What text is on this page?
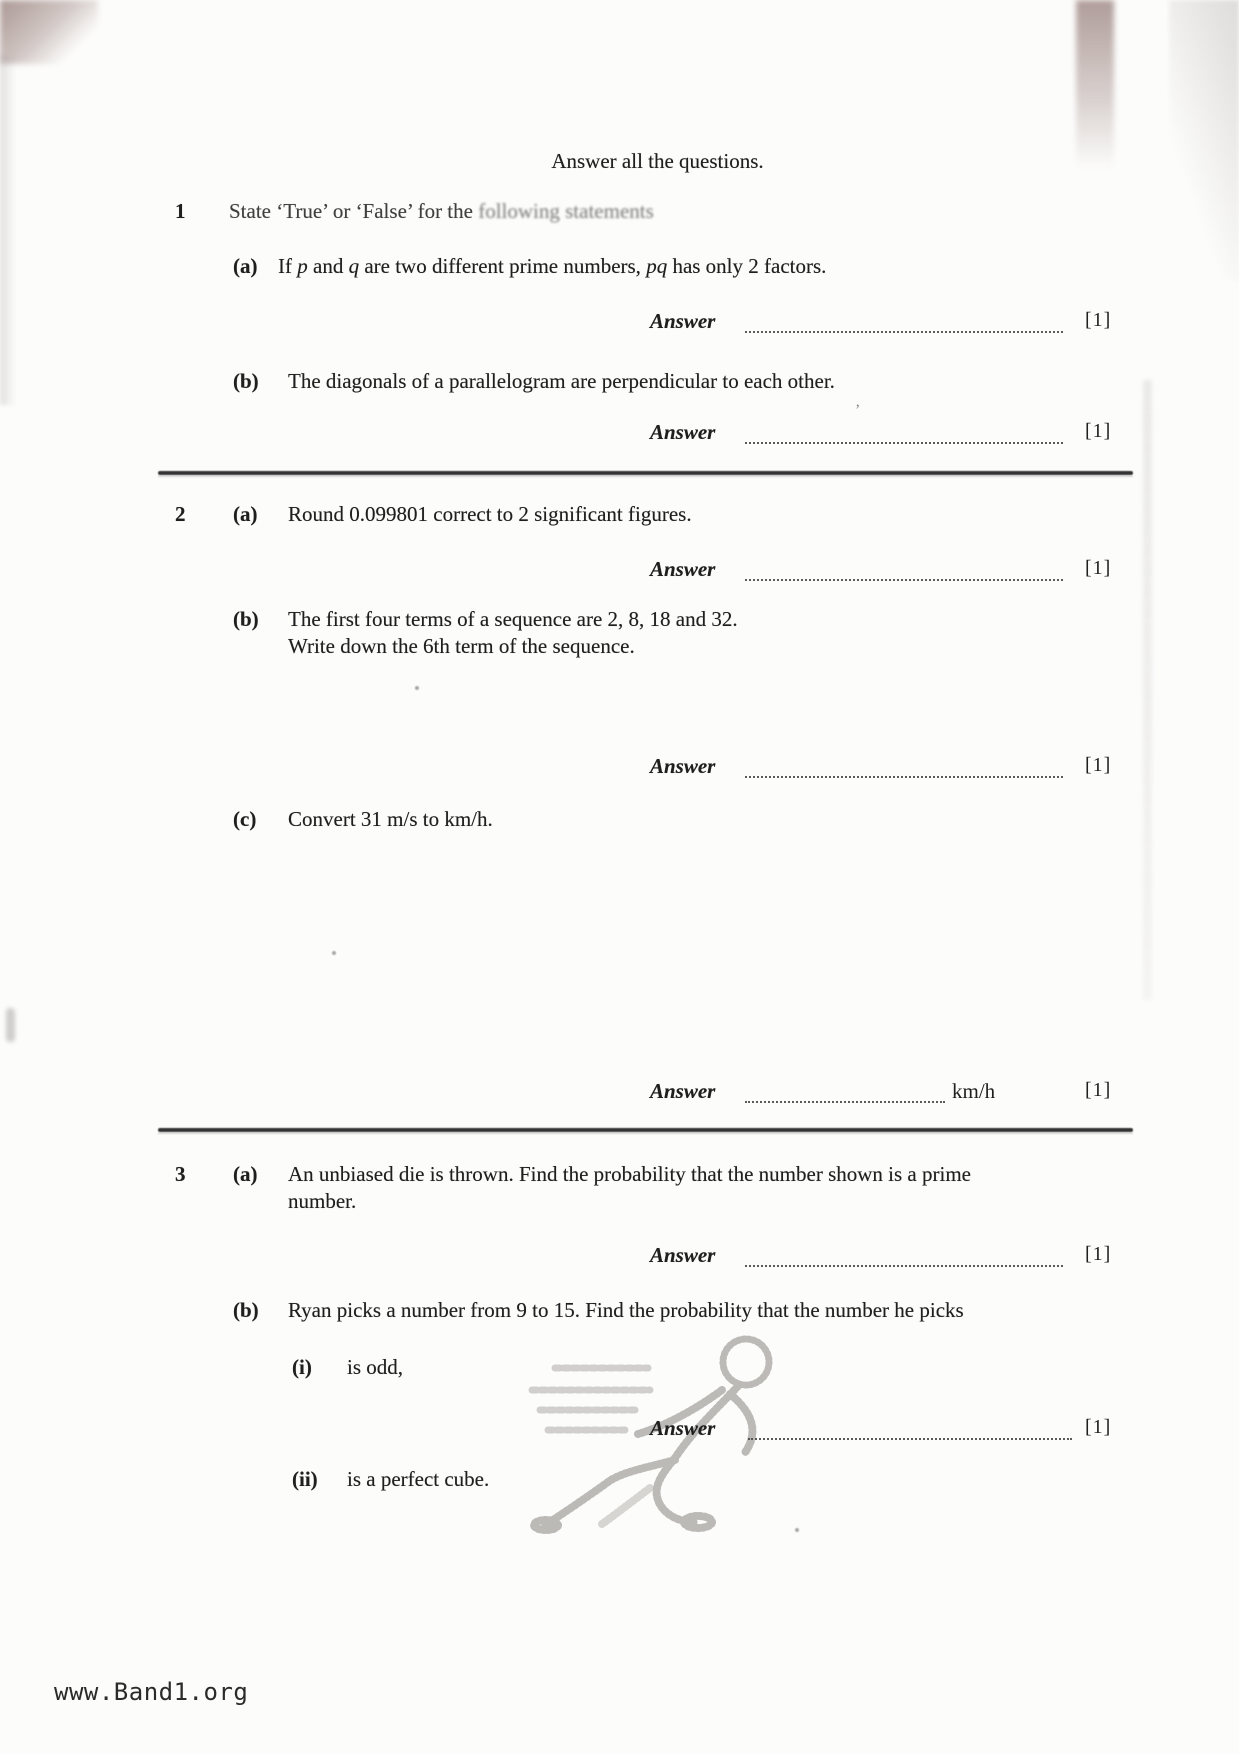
’
Answer all the questions.
1 State ‘True’ or ‘False’ for the following statements
(a) If p and q are two different prime numbers, pq has only 2 factors.
Answer	[1]
(b) The diagonals of a parallelogram are perpendicular to each other.
Answer	[1]
2 (a) Round 0.099801 correct to 2 significant figures.
Answer	[1]
(b) The first four terms of a sequence are 2, 8, 18 and 32.
Write down the 6th term of the sequence.
Answer	[1]
(c) Convert 31 m/s to km/h.
Answer	km/h	[1]
3 (a) An unbiased die is thrown. Find the probability that the number shown is a prime
number.
Answer	[1]
(b) Ryan picks a number from 9 to 15. Find the probability that the number he picks
(i) is odd,
Answer	[1]
(ii) is a perfect cube.
www.Band1.org
